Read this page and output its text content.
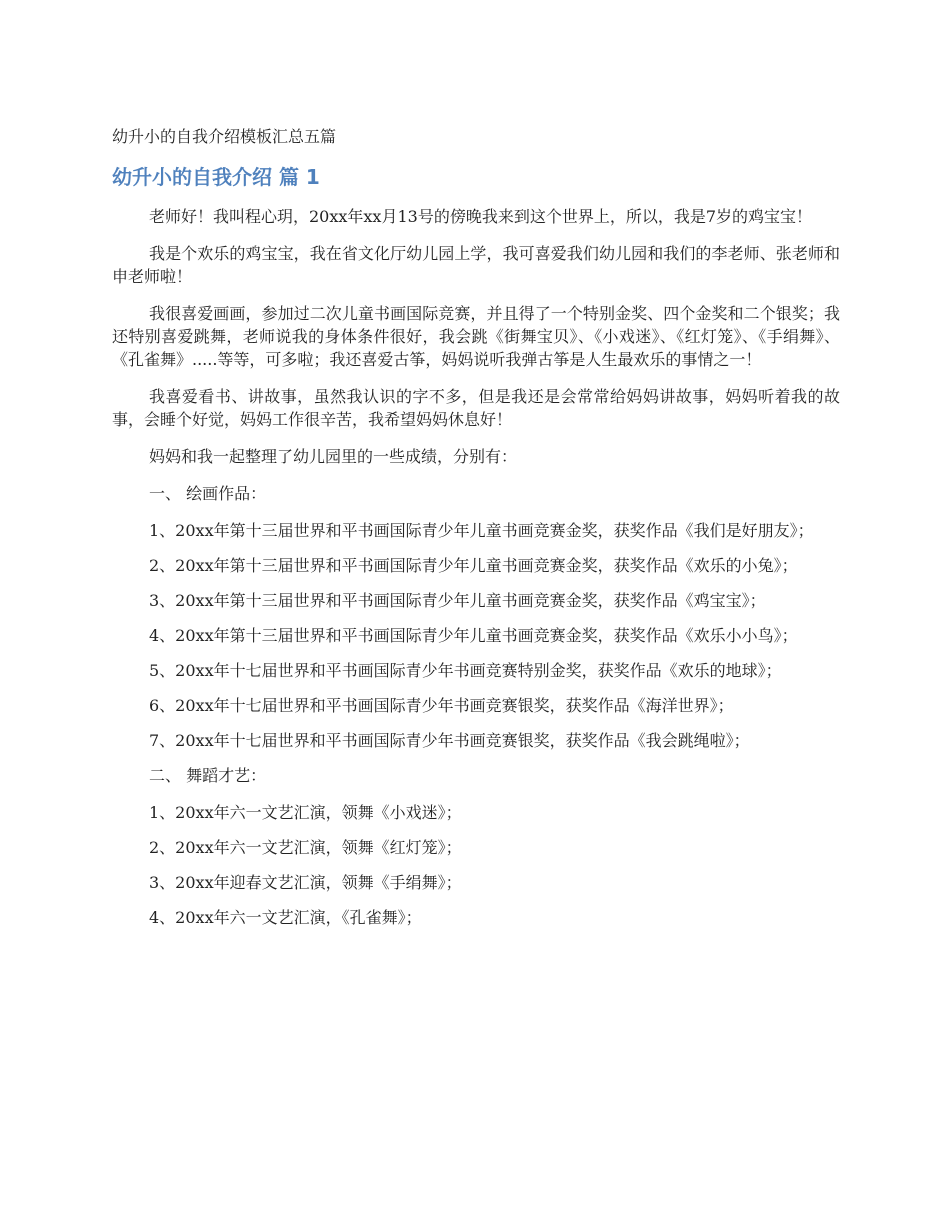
幼升小的自我介绍模板汇总五篇
幼升小的自我介绍 篇 1

老师好！我叫程心玥，20xx年xx月13号的傍晚我来到这个世界上，所以，我是7岁的鸡宝宝！

我是个欢乐的鸡宝宝，我在省文化厅幼儿园上学，我可喜爱我们幼儿园和我们的李老师、张老师和申老师啦！

我很喜爱画画，参加过二次儿童书画国际竞赛，并且得了一个特别金奖、四个金奖和二个银奖；我还特别喜爱跳舞，老师说我的身体条件很好，我会跳《街舞宝贝》、《小戏迷》、《红灯笼》、《手绢舞》、《孔雀舞》.....等等，可多啦；我还喜爱古筝，妈妈说听我弹古筝是人生最欢乐的事情之一！

我喜爱看书、讲故事，虽然我认识的字不多，但是我还是会常常给妈妈讲故事，妈妈听着我的故事，会睡个好觉，妈妈工作很辛苦，我希望妈妈休息好！

妈妈和我一起整理了幼儿园里的一些成绩，分别有：

一、 绘画作品：

1、20xx年第十三届世界和平书画国际青少年儿童书画竞赛金奖，获奖作品《我们是好朋友》；

2、20xx年第十三届世界和平书画国际青少年儿童书画竞赛金奖，获奖作品《欢乐的小兔》；

3、20xx年第十三届世界和平书画国际青少年儿童书画竞赛金奖，获奖作品《鸡宝宝》；

4、20xx年第十三届世界和平书画国际青少年儿童书画竞赛金奖，获奖作品《欢乐小小鸟》；

5、20xx年十七届世界和平书画国际青少年书画竞赛特别金奖，获奖作品《欢乐的地球》；

6、20xx年十七届世界和平书画国际青少年书画竞赛银奖，获奖作品《海洋世界》；

7、20xx年十七届世界和平书画国际青少年书画竞赛银奖，获奖作品《我会跳绳啦》；

二、 舞蹈才艺：

1、20xx年六一文艺汇演，领舞《小戏迷》；

2、20xx年六一文艺汇演，领舞《红灯笼》；

3、20xx年迎春文艺汇演，领舞《手绢舞》；

4、20xx年六一文艺汇演，《孔雀舞》；
